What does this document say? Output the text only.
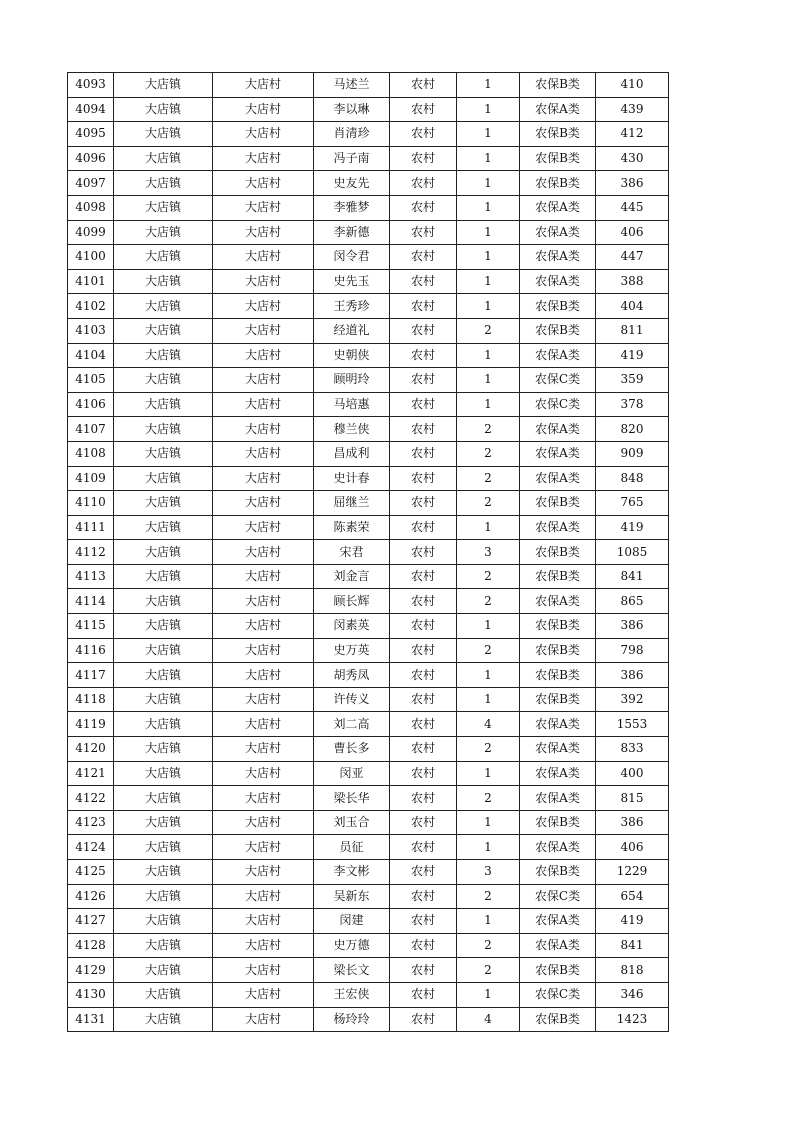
4093	大店镇	大店村	马述兰	农村	1	农保B类	410
4094	大店镇	大店村	李以琳	农村	1	农保A类	439
4095	大店镇	大店村	肖清珍	农村	1	农保B类	412
4096	大店镇	大店村	冯子南	农村	1	农保B类	430
4097	大店镇	大店村	史友先	农村	1	农保B类	386
4098	大店镇	大店村	李雅梦	农村	1	农保A类	445
4099	大店镇	大店村	李新德	农村	1	农保A类	406
4100	大店镇	大店村	闵令君	农村	1	农保A类	447
4101	大店镇	大店村	史先玉	农村	1	农保A类	388
4102	大店镇	大店村	王秀珍	农村	1	农保B类	404
4103	大店镇	大店村	经道礼	农村	2	农保B类	811
4104	大店镇	大店村	史朝侠	农村	1	农保A类	419
4105	大店镇	大店村	顾明玲	农村	1	农保C类	359
4106	大店镇	大店村	马培惠	农村	1	农保C类	378
4107	大店镇	大店村	穆兰侠	农村	2	农保A类	820
4108	大店镇	大店村	昌成利	农村	2	农保A类	909
4109	大店镇	大店村	史计春	农村	2	农保A类	848
4110	大店镇	大店村	屈继兰	农村	2	农保B类	765
4111	大店镇	大店村	陈素荣	农村	1	农保A类	419
4112	大店镇	大店村	宋君	农村	3	农保B类	1085
4113	大店镇	大店村	刘金言	农村	2	农保B类	841
4114	大店镇	大店村	顾长辉	农村	2	农保A类	865
4115	大店镇	大店村	闵素英	农村	1	农保B类	386
4116	大店镇	大店村	史万英	农村	2	农保B类	798
4117	大店镇	大店村	胡秀凤	农村	1	农保B类	386
4118	大店镇	大店村	许传义	农村	1	农保B类	392
4119	大店镇	大店村	刘二高	农村	4	农保A类	1553
4120	大店镇	大店村	曹长多	农村	2	农保A类	833
4121	大店镇	大店村	闵亚	农村	1	农保A类	400
4122	大店镇	大店村	梁长华	农村	2	农保A类	815
4123	大店镇	大店村	刘玉合	农村	1	农保B类	386
4124	大店镇	大店村	员征	农村	1	农保A类	406
4125	大店镇	大店村	李文彬	农村	3	农保B类	1229
4126	大店镇	大店村	吴新东	农村	2	农保C类	654
4127	大店镇	大店村	闵建	农村	1	农保A类	419
4128	大店镇	大店村	史万德	农村	2	农保A类	841
4129	大店镇	大店村	梁长文	农村	2	农保B类	818
4130	大店镇	大店村	王宏侠	农村	1	农保C类	346
4131	大店镇	大店村	杨玲玲	农村	4	农保B类	1423
